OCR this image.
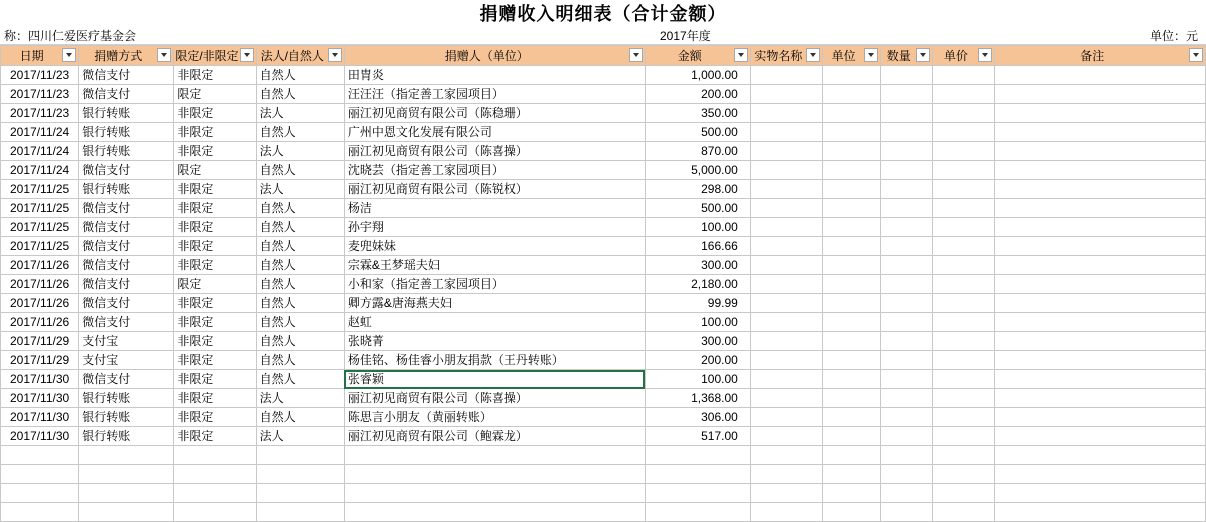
捐赠收入明细表（合计金额）
称：四川仁爱医疗基金会	2017年度	单位：元
日期	捐赠方式	限定/非限定	法人/自然人	捐赠人（单位）	金额	实物名称	单位	数量	单价	备注

2017/11/23	微信支付	非限定	自然人	田胄炎	1,000.00					

2017/11/23	微信支付	限定	自然人	汪汪汪（指定善工家园项目）	200.00					

2017/11/23	银行转账	非限定	法人	丽江初见商贸有限公司（陈稳珊）	350.00					

2017/11/24	银行转账	非限定	自然人	广州中恩文化发展有限公司	500.00					

2017/11/24	银行转账	非限定	法人	丽江初见商贸有限公司（陈喜操）	870.00					

2017/11/24	微信支付	限定	自然人	沈晓芸（指定善工家园项目）	5,000.00					

2017/11/25	银行转账	非限定	法人	丽江初见商贸有限公司（陈锐权）	298.00					

2017/11/25	微信支付	非限定	自然人	杨洁	500.00					

2017/11/25	微信支付	非限定	自然人	孙宇翔	100.00					

2017/11/25	微信支付	非限定	自然人	麦兜妹妹	166.66					

2017/11/26	微信支付	非限定	自然人	宗霖&王梦瑶夫妇	300.00					

2017/11/26	微信支付	限定	自然人	小和家（指定善工家园项目）	2,180.00					

2017/11/26	微信支付	非限定	自然人	卿方露&唐海燕夫妇	99.99					

2017/11/26	微信支付	非限定	自然人	赵虹	100.00					

2017/11/29	支付宝	非限定	自然人	张晓菁	300.00					

2017/11/29	支付宝	非限定	自然人	杨佳铭、杨佳睿小朋友捐款（王丹转账）	200.00					

2017/11/30	微信支付	非限定	自然人	张睿颖	100.00					

2017/11/30	银行转账	非限定	法人	丽江初见商贸有限公司（陈喜操）	1,368.00					

2017/11/30	银行转账	非限定	自然人	陈思言小朋友（黄丽转账）	306.00					

2017/11/30	银行转账	非限定	法人	丽江初见商贸有限公司（鲍霖龙）	517.00					
